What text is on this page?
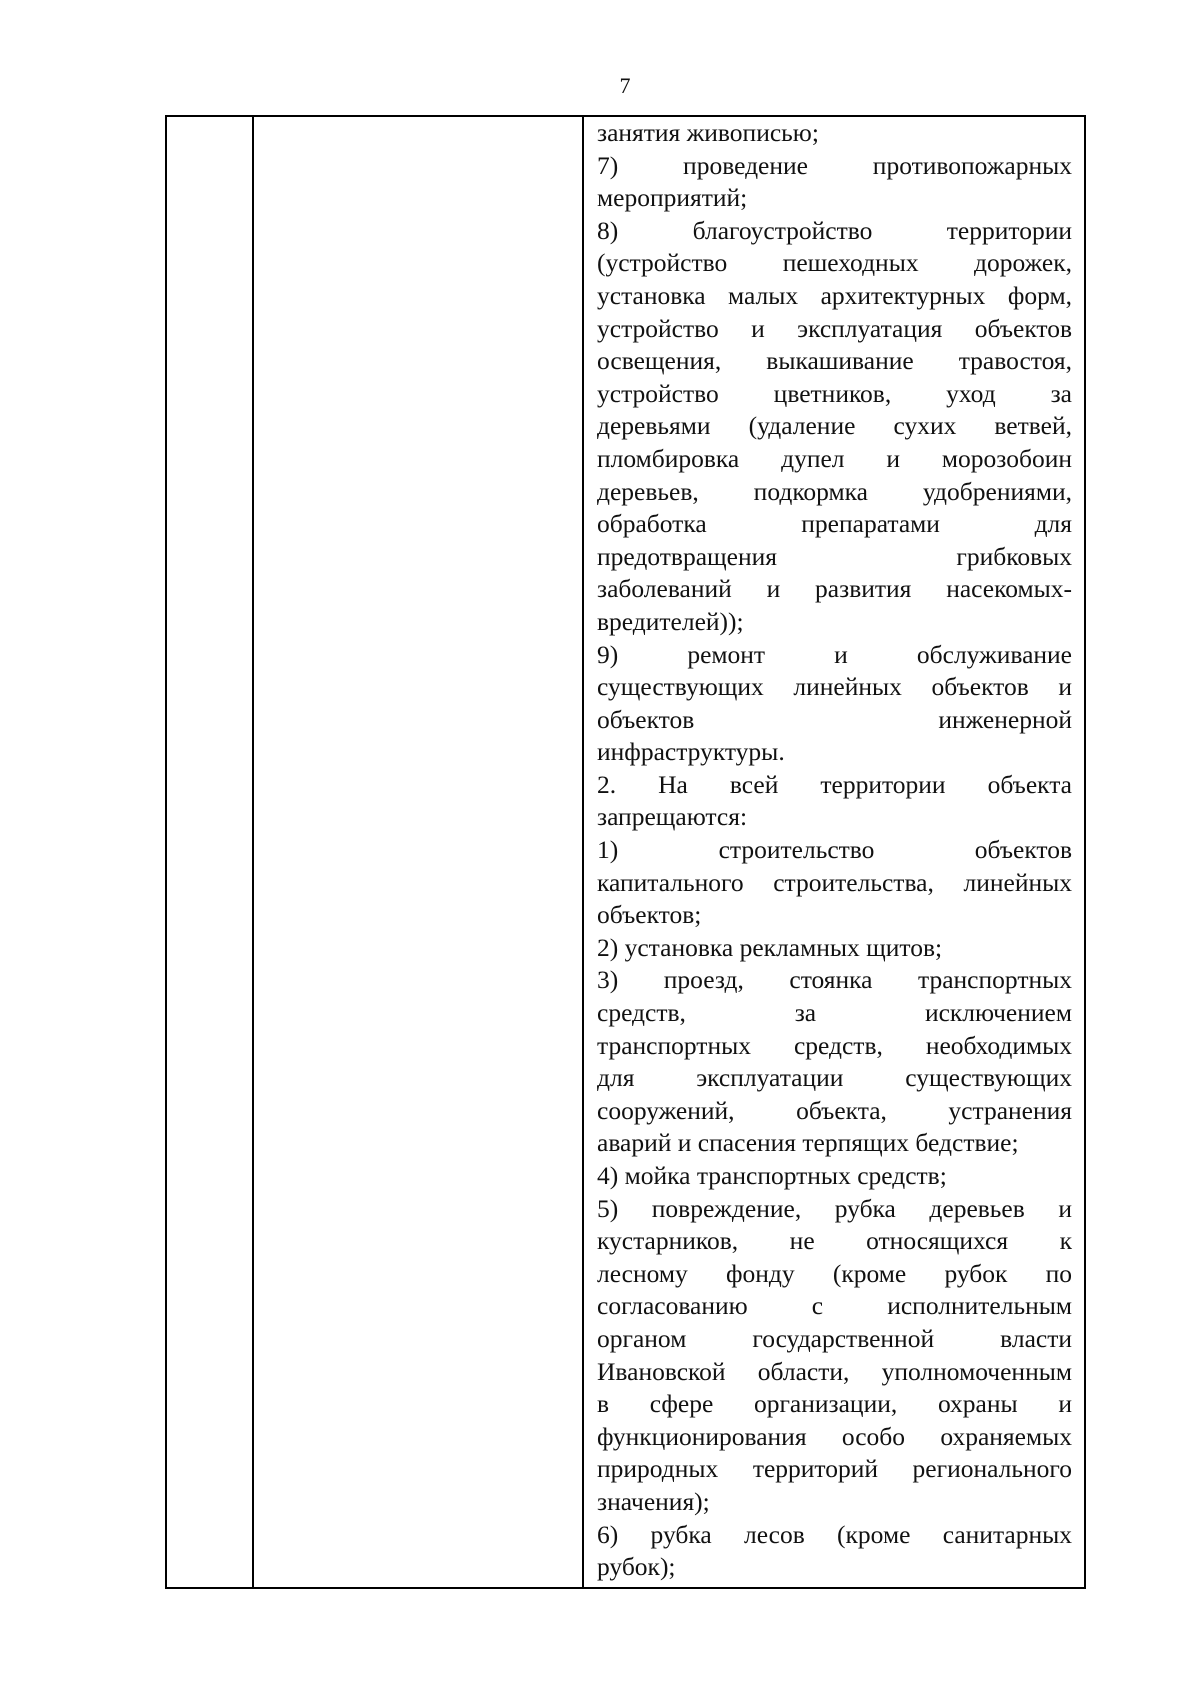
7
занятия живописью;
7) проведение противопожарных
мероприятий;
8) благоустройство территории
(устройство пешеходных дорожек,
установка малых архитектурных форм,
устройство и эксплуатация объектов
освещения, выкашивание травостоя,
устройство цветников, уход за
деревьями (удаление сухих ветвей,
пломбировка дупел и морозобоин
деревьев, подкормка удобрениями,
обработка препаратами для
предотвращения грибковых
заболеваний и развития насекомых-
вредителей));
9) ремонт и обслуживание
существующих линейных объектов и
объектов инженерной
инфраструктуры.
2. На всей территории объекта
запрещаются:
1) строительство объектов
капитального строительства, линейных
объектов;
2) установка рекламных щитов;
3) проезд, стоянка транспортных
средств, за исключением
транспортных средств, необходимых
для эксплуатации существующих
сооружений, объекта, устранения
аварий и спасения терпящих бедствие;
4) мойка транспортных средств;
5) повреждение, рубка деревьев и
кустарников, не относящихся к
лесному фонду (кроме рубок по
согласованию с исполнительным
органом государственной власти
Ивановской области, уполномоченным
в сфере организации, охраны и
функционирования особо охраняемых
природных территорий регионального
значения);
6) рубка лесов (кроме санитарных
рубок);
